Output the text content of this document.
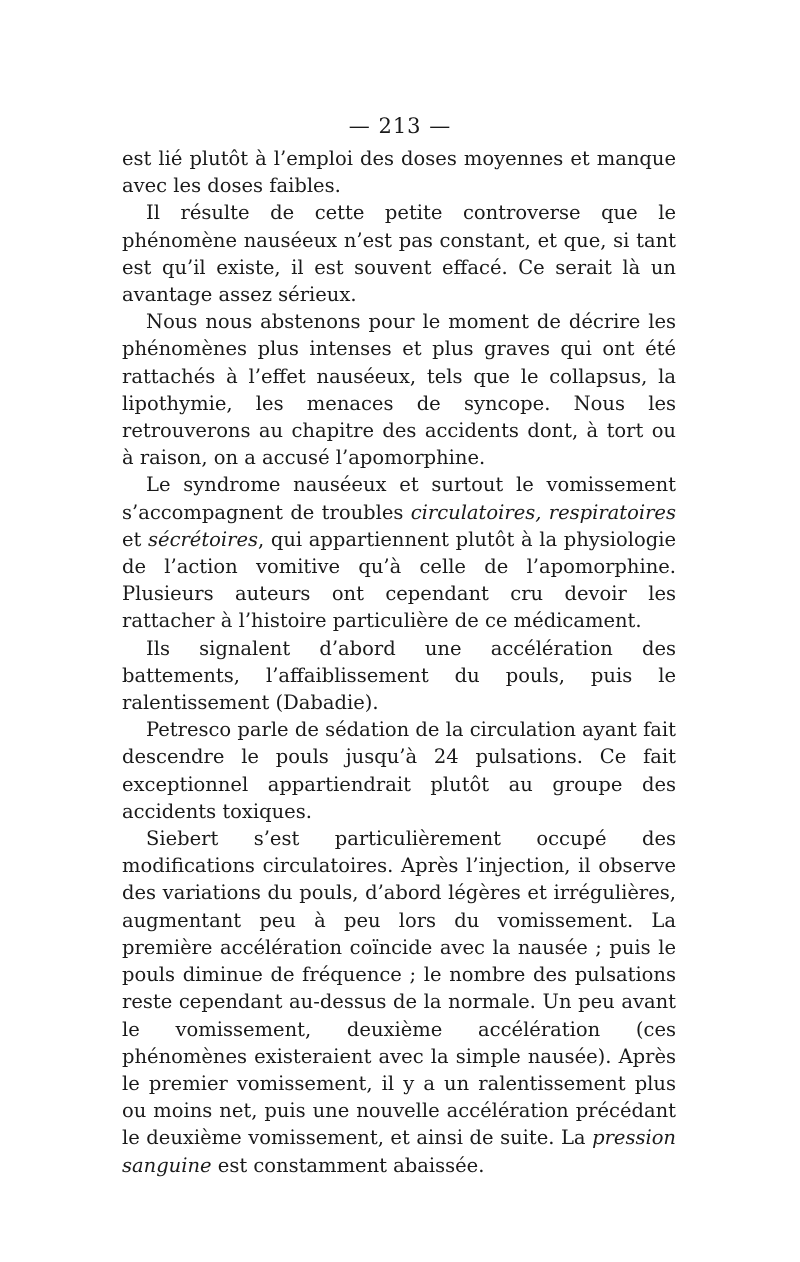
— 213 —

est lié plutôt à l’emploi des doses moyennes et manque avec les doses faibles.

Il résulte de cette petite controverse que le phénomène nauséeux n’est pas constant, et que, si tant est qu’il existe, il est souvent effacé. Ce serait là un avantage assez sérieux.

Nous nous abstenons pour le moment de décrire les phénomènes plus intenses et plus graves qui ont été rattachés à l’effet nauséeux, tels que le collapsus, la lipothymie, les menaces de syncope. Nous les retrouverons au chapitre des accidents dont, à tort ou à raison, on a accusé l’apomorphine.

Le syndrome nauséeux et surtout le vomissement s’accompagnent de troubles circulatoires, respiratoires et sécrétoires, qui appartiennent plutôt à la physiologie de l’action vomitive qu’à celle de l’apomorphine. Plusieurs auteurs ont cependant cru devoir les rattacher à l’histoire particulière de ce médicament.

Ils signalent d’abord une accélération des battements, l’affaiblissement du pouls, puis le ralentissement (Dabadie).

Petresco parle de sédation de la circulation ayant fait descendre le pouls jusqu’à 24 pulsations. Ce fait exceptionnel appartiendrait plutôt au groupe des accidents toxiques.

Siebert s’est particulièrement occupé des modifications circulatoires. Après l’injection, il observe des variations du pouls, d’abord légères et irrégulières, augmentant peu à peu lors du vomissement. La première accélération coïncide avec la nausée ; puis le pouls diminue de fréquence ; le nombre des pulsations reste cependant au-dessus de la normale. Un peu avant le vomissement, deuxième accélération (ces phénomènes existeraient avec la simple nausée). Après le premier vomissement, il y a un ralentissement plus ou moins net, puis une nouvelle accélération précédant le deuxième vomissement, et ainsi de suite. La pression sanguine est constamment abaissée.
